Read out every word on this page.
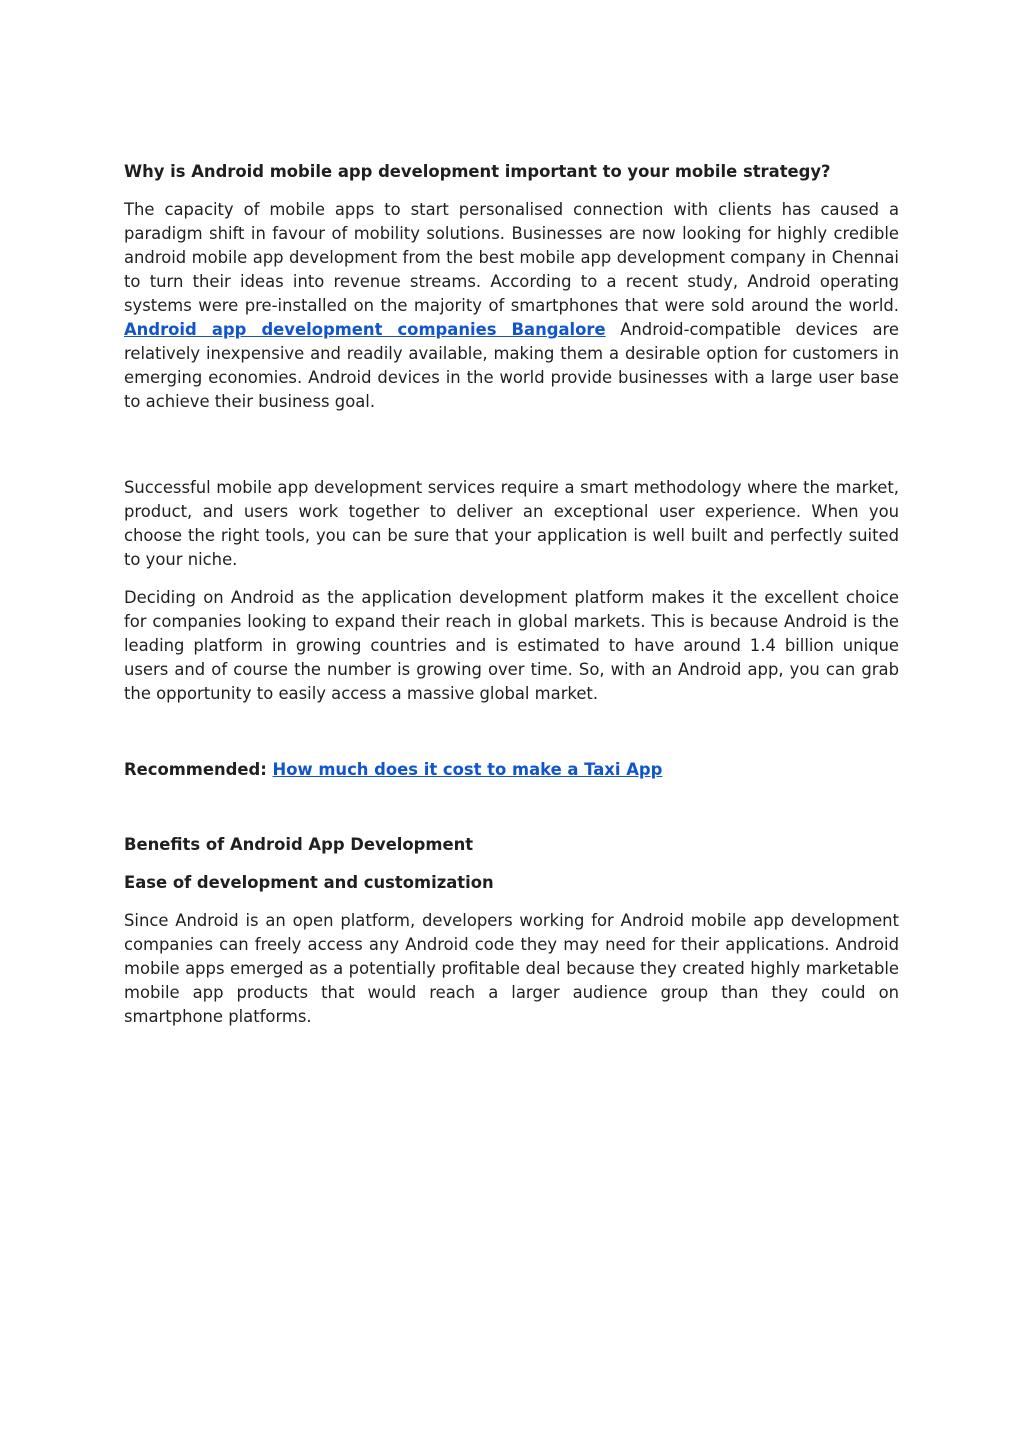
Why is Android mobile app development important to your mobile strategy?

The capacity of mobile apps to start personalised connection with clients has caused a paradigm shift in favour of mobility solutions. Businesses are now looking for highly credible android mobile app development from the best mobile app development company in Chennai to turn their ideas into revenue streams. According to a recent study, Android operating systems were pre-installed on the majority of smartphones that were sold around the world. Android app development companies Bangalore Android-compatible devices are relatively inexpensive and readily available, making them a desirable option for customers in emerging economies. Android devices in the world provide businesses with a large user base to achieve their business goal.

Successful mobile app development services require a smart methodology where the market, product, and users work together to deliver an exceptional user experience. When you choose the right tools, you can be sure that your application is well built and perfectly suited to your niche.

Deciding on Android as the application development platform makes it the excellent choice for companies looking to expand their reach in global markets. This is because Android is the leading platform in growing countries and is estimated to have around 1.4 billion unique users and of course the number is growing over time. So, with an Android app, you can grab the opportunity to easily access a massive global market.

Recommended: How much does it cost to make a Taxi App

Benefits of Android App Development
Ease of development and customization

Since Android is an open platform, developers working for Android mobile app development companies can freely access any Android code they may need for their applications. Android mobile apps emerged as a potentially profitable deal because they created highly marketable mobile app products that would reach a larger audience group than they could on smartphone platforms.
